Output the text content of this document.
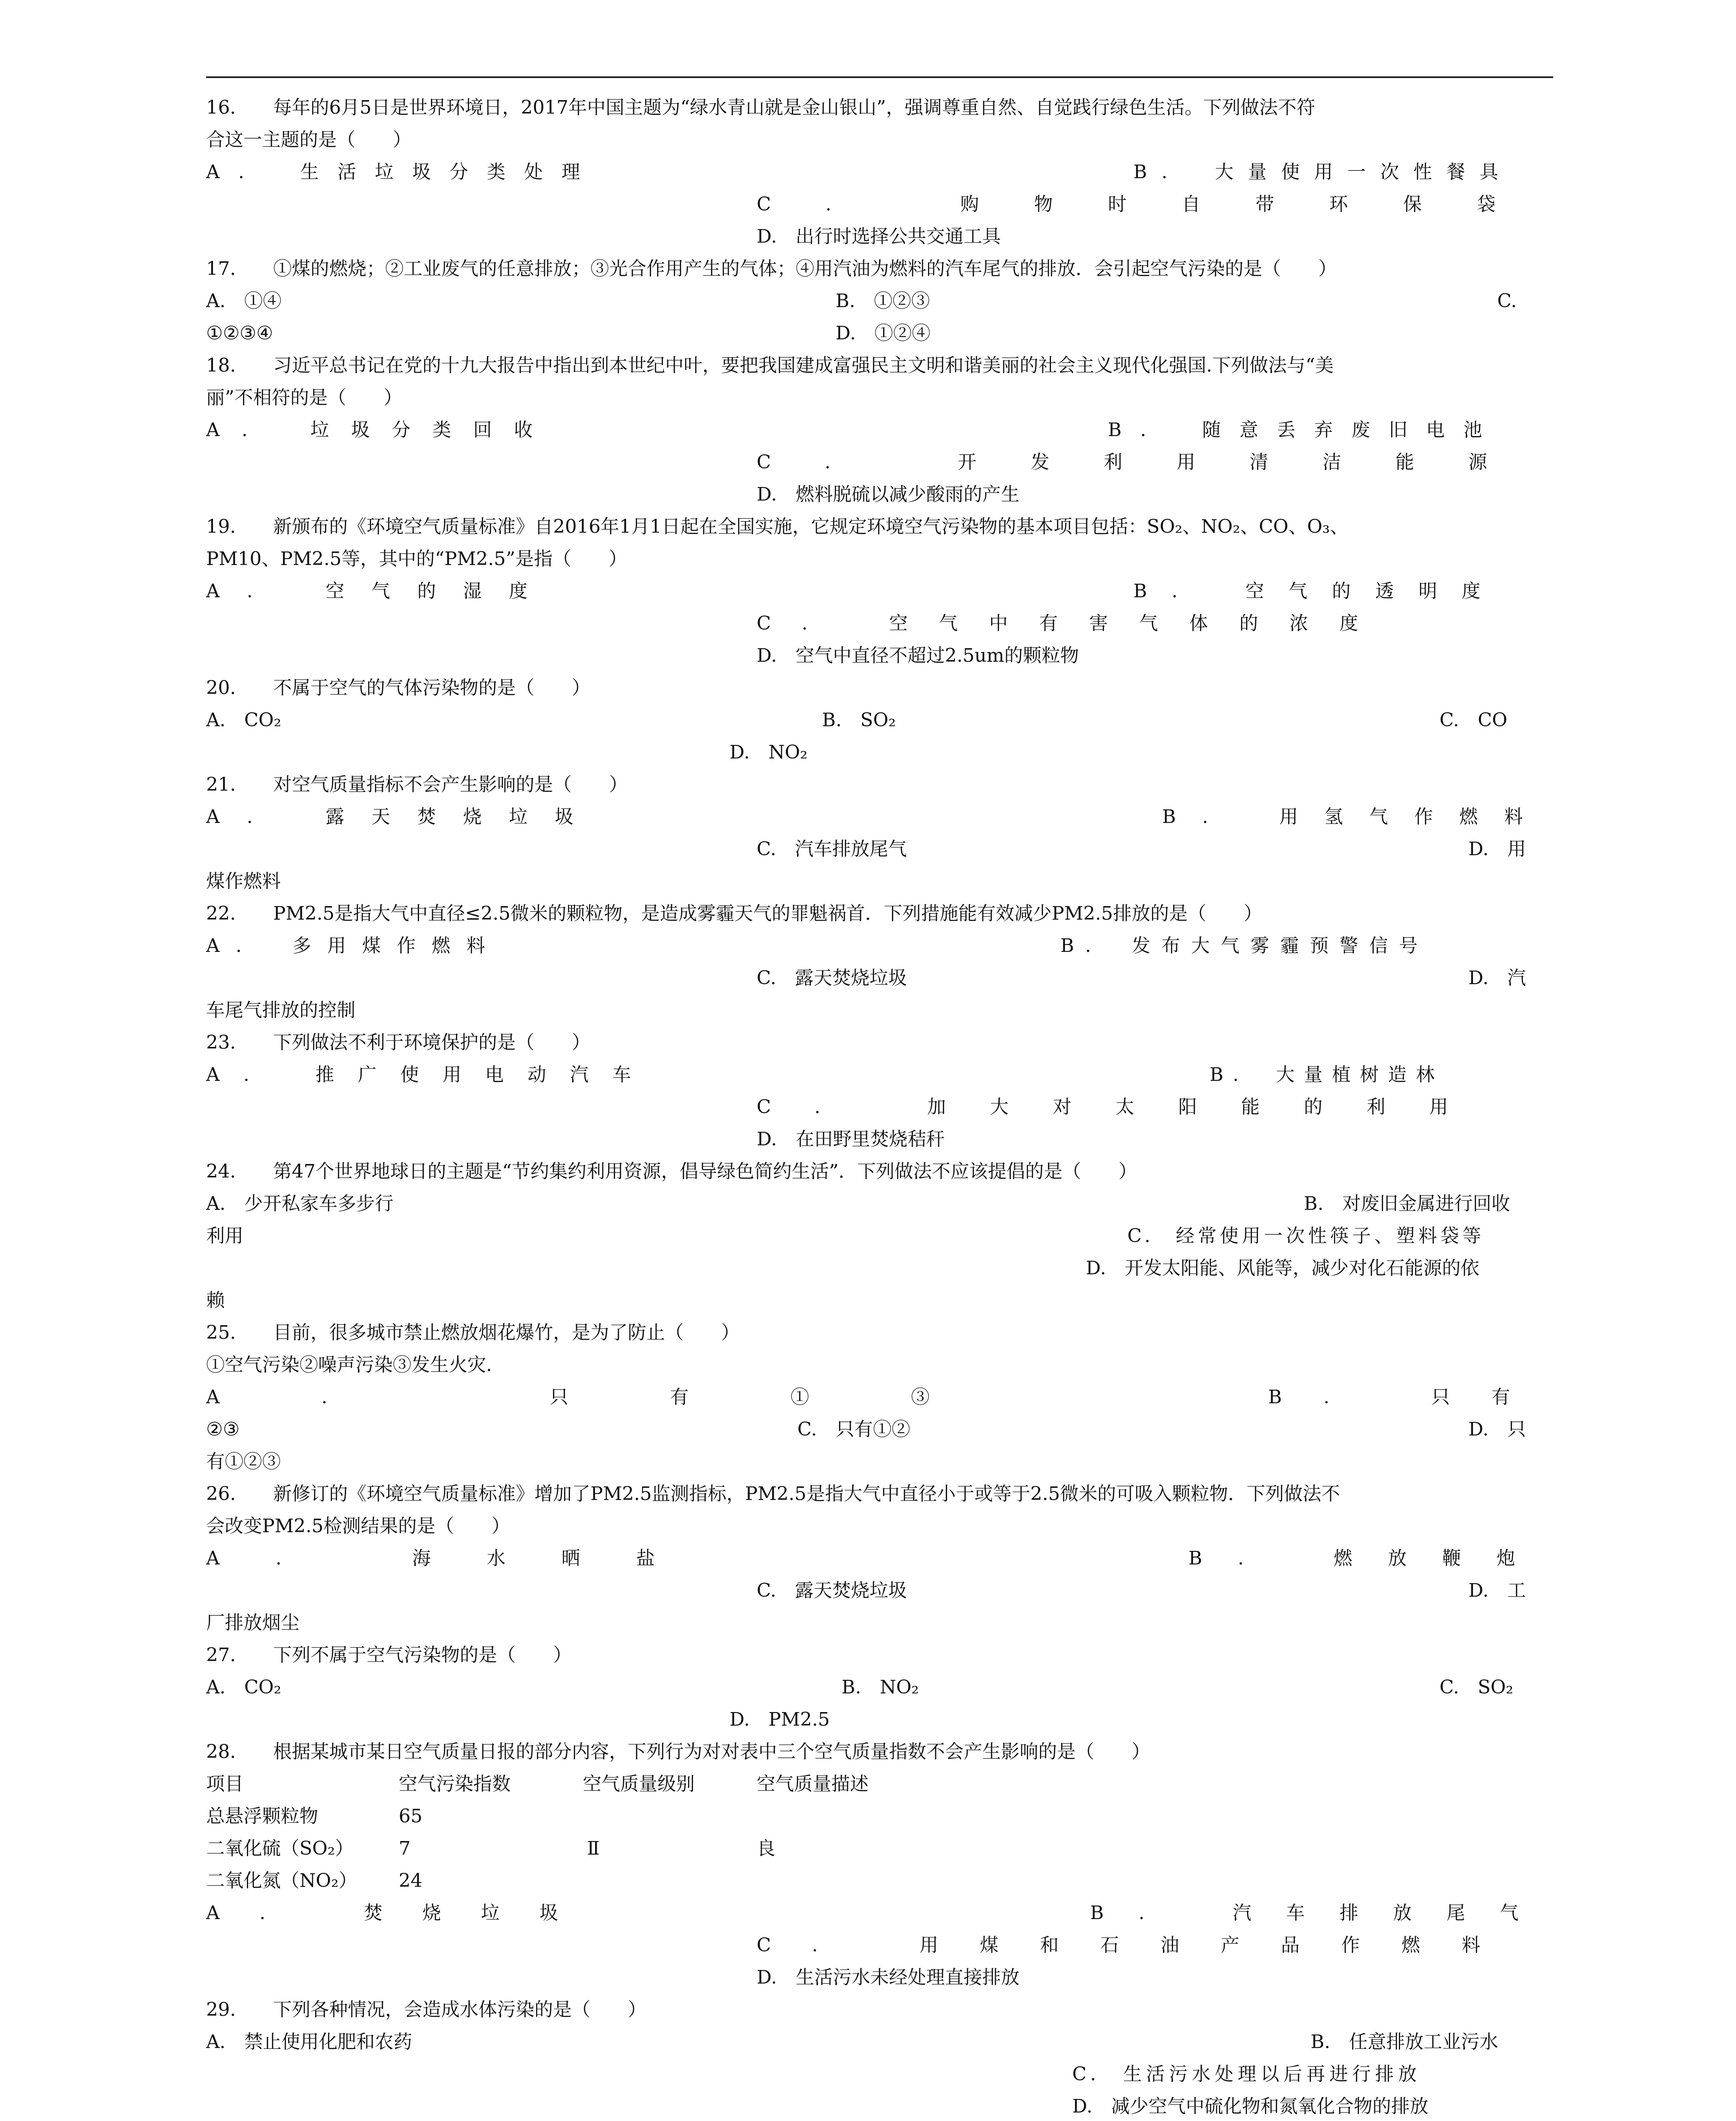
16.　　每年的6月5日是世界环境日，2017年中国主题为“绿水青山就是金山银山”，强调尊重自然、自觉践行绿色生活。下列做法不符
合这一主题的是（　　）
A.　生活垃圾分类处理	B.　大量使用一次性餐具
C.　购物时自带环保袋
D.　出行时选择公共交通工具
17.　　①煤的燃烧；②工业废气的任意排放；③光合作用产生的气体；④用汽油为燃料的汽车尾气的排放．会引起空气污染的是（　　）
A.　①④	B.　①②③	C.
①②③④	D.　①②④
18.　　习近平总书记在党的十九大报告中指出到本世纪中叶，要把我国建成富强民主文明和谐美丽的社会主义现代化强国.下列做法与“美
丽”不相符的是（　　）
A.　垃圾分类回收	B.　随意丢弃废旧电池
C.　开发利用清洁能源
D.　燃料脱硫以减少酸雨的产生
19.　　新颁布的《环境空气质量标准》自2016年1月1日起在全国实施，它规定环境空气污染物的基本项目包括：SO₂、NO₂、CO、O₃、
PM10、PM2.5等，其中的“PM2.5”是指（　　）
A.　空气的湿度	B.　空气的透明度
C.　空气中有害气体的浓度
D.　空气中直径不超过2.5um的颗粒物
20.　　不属于空气的气体污染物的是（　　）
A.　CO₂	B.　SO₂	C.　CO
D.　NO₂
21.　　对空气质量指标不会产生影响的是（　　）
A.　露天焚烧垃圾	B.　用氢气作燃料
C.　汽车排放尾气	D.　用
煤作燃料
22.　　PM2.5是指大气中直径≤2.5微米的颗粒物，是造成雾霾天气的罪魁祸首．下列措施能有效减少PM2.5排放的是（　　）
A.　多用煤作燃料	B.　发布大气雾霾预警信号
C.　露天焚烧垃圾	D.　汽
车尾气排放的控制
23.　　下列做法不利于环境保护的是（　　）
A.　推广使用电动汽车	B.　大量植树造林
C.　加大对太阳能的利用
D.　在田野里焚烧秸秆
24.　　第47个世界地球日的主题是“节约集约利用资源，倡导绿色简约生活”．下列做法不应该提倡的是（　　）
A.　少开私家车多步行	B.　对废旧金属进行回收
利用	C.　经常使用一次性筷子、塑料袋等
D.　开发太阳能、风能等，减少对化石能源的依
赖
25.　　目前，很多城市禁止燃放烟花爆竹，是为了防止（　　）
①空气污染②噪声污染③发生火灾.
A.　只有①③	B.　只有
②③	C.　只有①②	D.　只
有①②③
26.　　新修订的《环境空气质量标准》增加了PM2.5监测指标，PM2.5是指大气中直径小于或等于2.5微米的可吸入颗粒物．下列做法不
会改变PM2.5检测结果的是（　　）
A.　海水晒盐	B.　燃放鞭炮
C.　露天焚烧垃圾	D.　工
厂排放烟尘
27.　　下列不属于空气污染物的是（　　）
A.　CO₂	B.　NO₂	C.　SO₂
D.　PM2.5
28.　　根据某城市某日空气质量日报的部分内容，下列行为对对表中三个空气质量指数不会产生影响的是（　　）
项目	空气污染指数	空气质量级别	空气质量描述
总悬浮颗粒物	65
二氧化硫（SO₂） 7	Ⅱ	良
二氧化氮（NO₂） 24
A.　焚烧垃圾	B.　汽车排放尾气
C.　用煤和石油产品作燃料
D.　生活污水未经处理直接排放
29.　　下列各种情况，会造成水体污染的是（　　）
A.　禁止使用化肥和农药	B.　任意排放工业污水
C.　生活污水处理以后再进行排放
D.　减少空气中硫化物和氮氧化合物的排放
